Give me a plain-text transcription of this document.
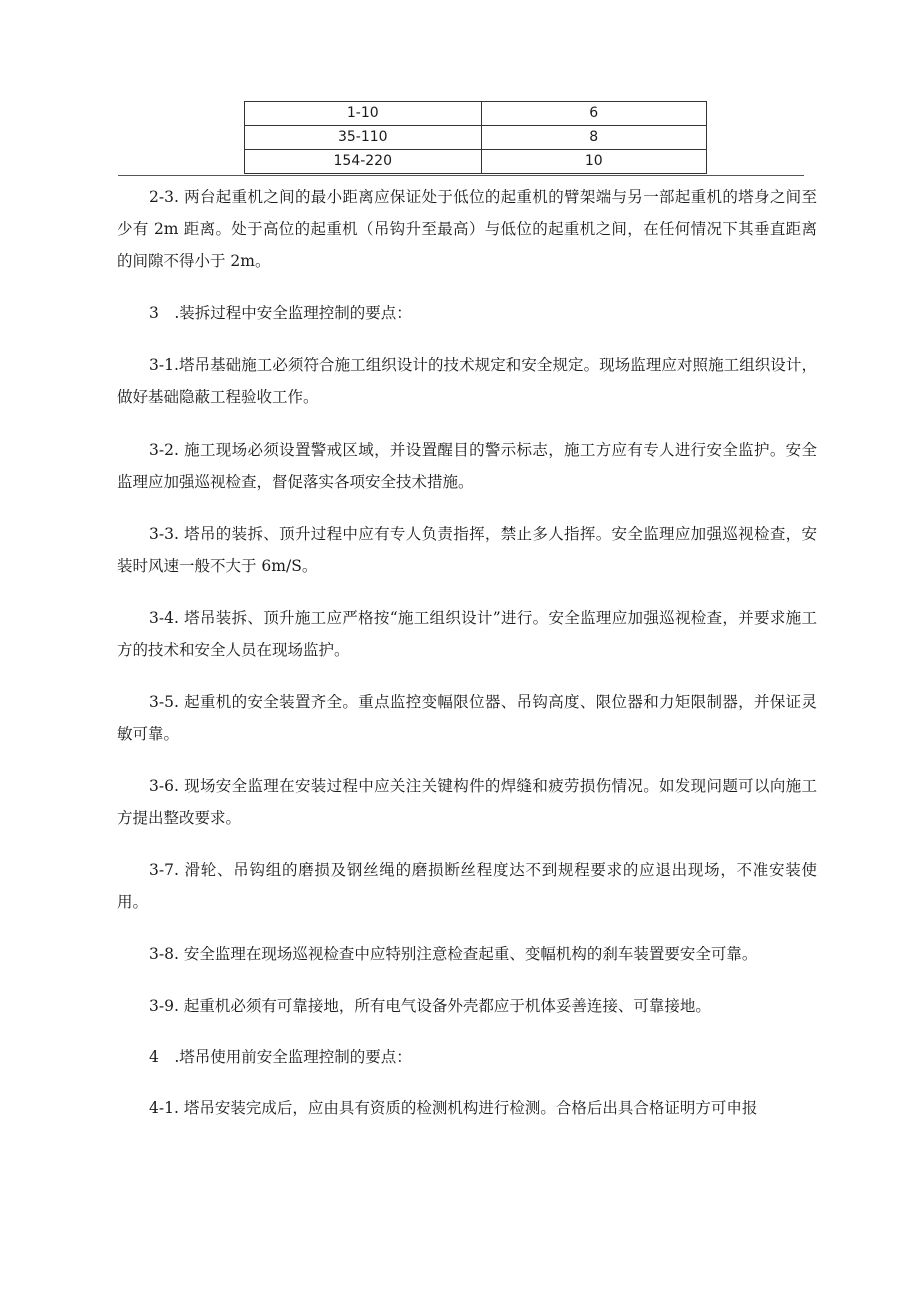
1-10	6
35-110	8
154-220	10

2-3. 两台起重机之间的最小距离应保证处于低位的起重机的臂架端与另一部起重机的塔身之间至少有 2m 距离。处于高位的起重机（吊钩升至最高）与低位的起重机之间，在任何情况下其垂直距离的间隙不得小于 2m。

3 .装拆过程中安全监理控制的要点：

3-1.塔吊基础施工必须符合施工组织设计的技术规定和安全规定。现场监理应对照施工组织设计，做好基础隐蔽工程验收工作。

3-2. 施工现场必须设置警戒区域，并设置醒目的警示标志，施工方应有专人进行安全监护。安全监理应加强巡视检查，督促落实各项安全技术措施。

3-3. 塔吊的装拆、顶升过程中应有专人负责指挥，禁止多人指挥。安全监理应加强巡视检查，安装时风速一般不大于 6m/S。

3-4. 塔吊装拆、顶升施工应严格按“施工组织设计”进行。安全监理应加强巡视检查，并要求施工方的技术和安全人员在现场监护。

3-5. 起重机的安全装置齐全。重点监控变幅限位器、吊钩高度、限位器和力矩限制器，并保证灵敏可靠。

3-6. 现场安全监理在安装过程中应关注关键构件的焊缝和疲劳损伤情况。如发现问题可以向施工方提出整改要求。

3-7. 滑轮、吊钩组的磨损及钢丝绳的磨损断丝程度达不到规程要求的应退出现场，不准安装使用。

3-8. 安全监理在现场巡视检查中应特别注意检查起重、变幅机构的刹车装置要安全可靠。

3-9. 起重机必须有可靠接地，所有电气设备外壳都应于机体妥善连接、可靠接地。

4 .塔吊使用前安全监理控制的要点：

4-1. 塔吊安装完成后，应由具有资质的检测机构进行检测。合格后出具合格证明方可申报
